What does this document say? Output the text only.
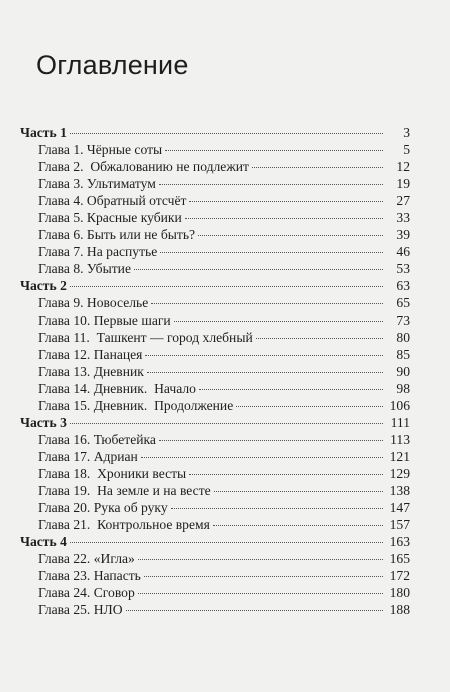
Оглавление
Часть 1	3
Глава 1. Чёрные соты	5
Глава 2.  Обжалованию не подлежит	12
Глава 3. Ультиматум	19
Глава 4. Обратный отсчёт	27
Глава 5. Красные кубики	33
Глава 6. Быть или не быть?	39
Глава 7. На распутье	46
Глава 8. Убытие	53
Часть 2	63
Глава 9. Новоселье	65
Глава 10. Первые шаги	73
Глава 11.  Ташкент — город хлебный	80
Глава 12. Панацея	85
Глава 13. Дневник	90
Глава 14. Дневник.  Начало	98
Глава 15. Дневник.  Продолжение	106
Часть 3	111
Глава 16. Тюбетейка	113
Глава 17. Адриан	121
Глава 18.  Хроники весты	129
Глава 19.  На земле и на весте	138
Глава 20. Рука об руку	147
Глава 21.  Контрольное время	157
Часть 4	163
Глава 22. «Игла»	165
Глава 23. Напасть	172
Глава 24. Сговор	180
Глава 25. НЛО	188
